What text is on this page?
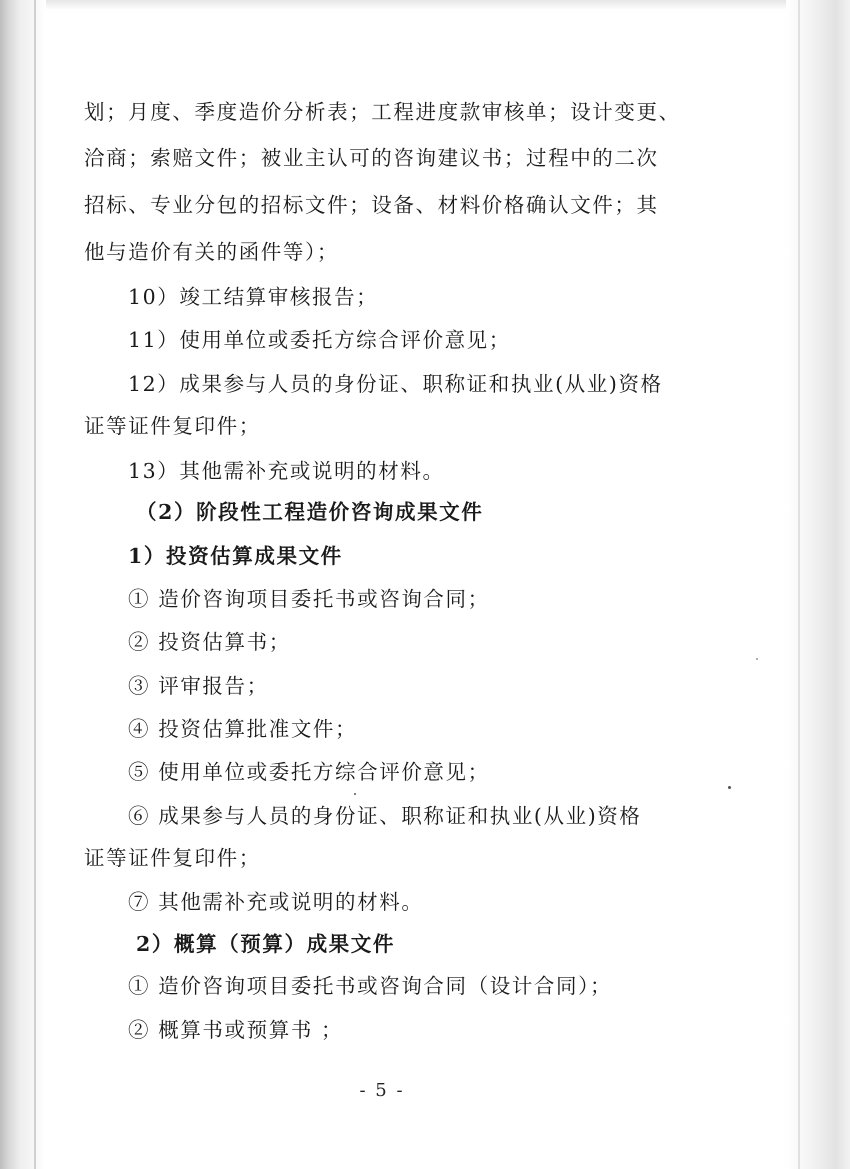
划；月度、季度造价分析表；工程进度款审核单；设计变更、
洽商；索赔文件；被业主认可的咨询建议书；过程中的二次
招标、专业分包的招标文件；设备、材料价格确认文件；其
他与造价有关的函件等）；
10）竣工结算审核报告；
11）使用单位或委托方综合评价意见；
12）成果参与人员的身份证、职称证和执业(从业)资格
证等证件复印件；
13）其他需补充或说明的材料。
（2）阶段性工程造价咨询成果文件
1）投资估算成果文件
① 造价咨询项目委托书或咨询合同；
② 投资估算书；
③ 评审报告；
④ 投资估算批准文件；
⑤ 使用单位或委托方综合评价意见；
⑥ 成果参与人员的身份证、职称证和执业(从业)资格
证等证件复印件；
⑦ 其他需补充或说明的材料。
2）概算（预算）成果文件
① 造价咨询项目委托书或咨询合同（设计合同）；
② 概算书或预算书 ；
- 5 -
